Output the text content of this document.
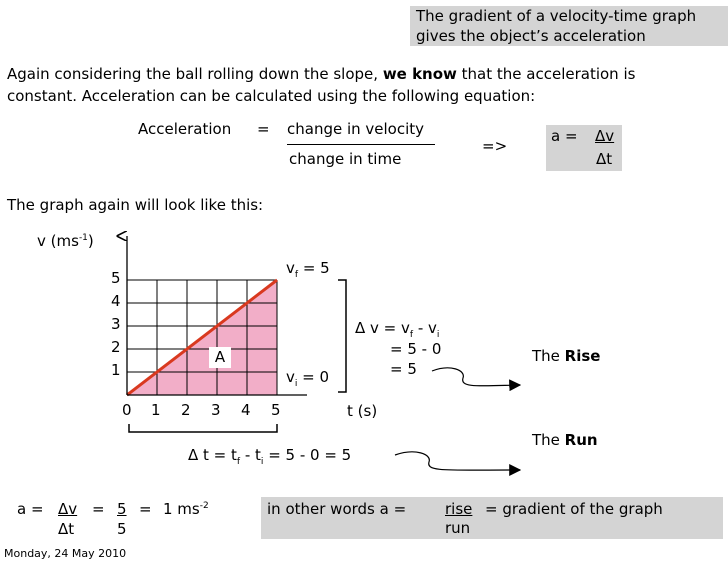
The gradient of a velocity-time graph
gives the object’s acceleration
Again considering the ball rolling down the slope, we know that the acceleration is
constant. Acceleration can be calculated using the following equation:
Acceleration = change in velocity
change in time
=>
a = Δv
Δt
The graph again will look like this:
v $(ms^{-1})$
t (s)
1
2
3
4
5
0 1 2 3 4 5
A
$v_f = 5$
$v_i = 0$
Δ $v = v_f - v_i$
= 5 - 0
= 5
The Rise
The Run
Δ $t = t_f - t_i = 5 - 0 = 5$
a = Δv
Δt
= 5
5
= 1 $ms^{-2}$	in other words a =	rise = gradient of the graph
run
Monday, 24 May 2010
